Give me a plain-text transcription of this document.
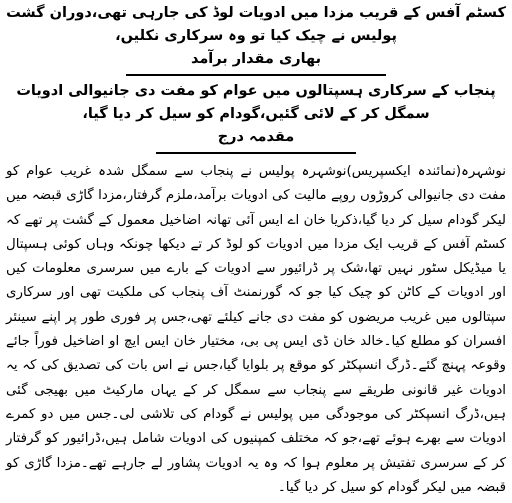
کسٹم آفس کے قریب مزدا میں ادویات لوڈ کی جارہی تھی،دوران گشت پولیس نے چیک کیا تو وہ سرکاری نکلیں،

بھاری مقدار برآمد

پنجاب کے سرکاری ہسپتالوں میں عوام کو مفت دی جانیوالی ادویات سمگل کر کے لائی گئیں،گودام کو سیل کر دیا گیا،

مقدمہ درج

نوشہرہ(نمائندہ ایکسپریس)نوشہرہ پولیس نے پنجاب سے سمگل شدہ غریب عوام کو مفت دی جانیوالی کروڑوں روپے مالیت کی ادویات برآمد،ملزم گرفتار،مزدا گاڑی قبضہ میں لیکر گودام سیل کر دیا گیا،ذکریا خان اے ایس آئی تھانہ اضاخیل معمول کے گشت پر تھے کہ کسٹم آفس کے قریب ایک مزدا میں ادویات کو لوڈ کر تے دیکھا چونکہ وہاں کوئی ہسپتال یا میڈیکل سٹور نہیں تھا،شک پر ڈرائیور سے ادویات کے بارے میں سرسری معلومات کیں اور ادویات کے کاٹن کو چیک کیا جو کہ گورنمنٹ آف پنجاب کی ملکیت تھی اور سرکاری سپتالوں میں غریب مریضوں کو مفت دی جانے کیلئے تھی،جس پر فوری طور پر اپنے سینئر افسران کو مطلع کیا۔خالد خان ڈی ایس پی بی، مختیار خان ایس ایچ او اضاخیل فوراً جائے وقوعہ پہنچ گئے۔ڈرگ انسپکٹر کو موقع پر بلوایا گیا،جس نے اس بات کی تصدیق کی کہ یہ ادویات غیر قانونی طریقے سے پنجاب سے سمگل کر کے یہاں مارکیٹ میں بھیجی گئی ہیں،ڈرگ انسپکٹر کی موجودگی میں پولیس نے گودام کی تلاشی لی۔جس میں دو کمرے ادویات سے بھرے ہوئے تھے،جو کہ مختلف کمپنیوں کی ادویات شامل ہیں،ڈرائیور کو گرفتار کر کے سرسری تفتیش پر معلوم ہوا کہ وہ یہ ادویات پشاور لے جارہے تھے۔مزدا گاڑی کو قبضہ میں لیکر گودام کو سیل کر دیا گیا۔
